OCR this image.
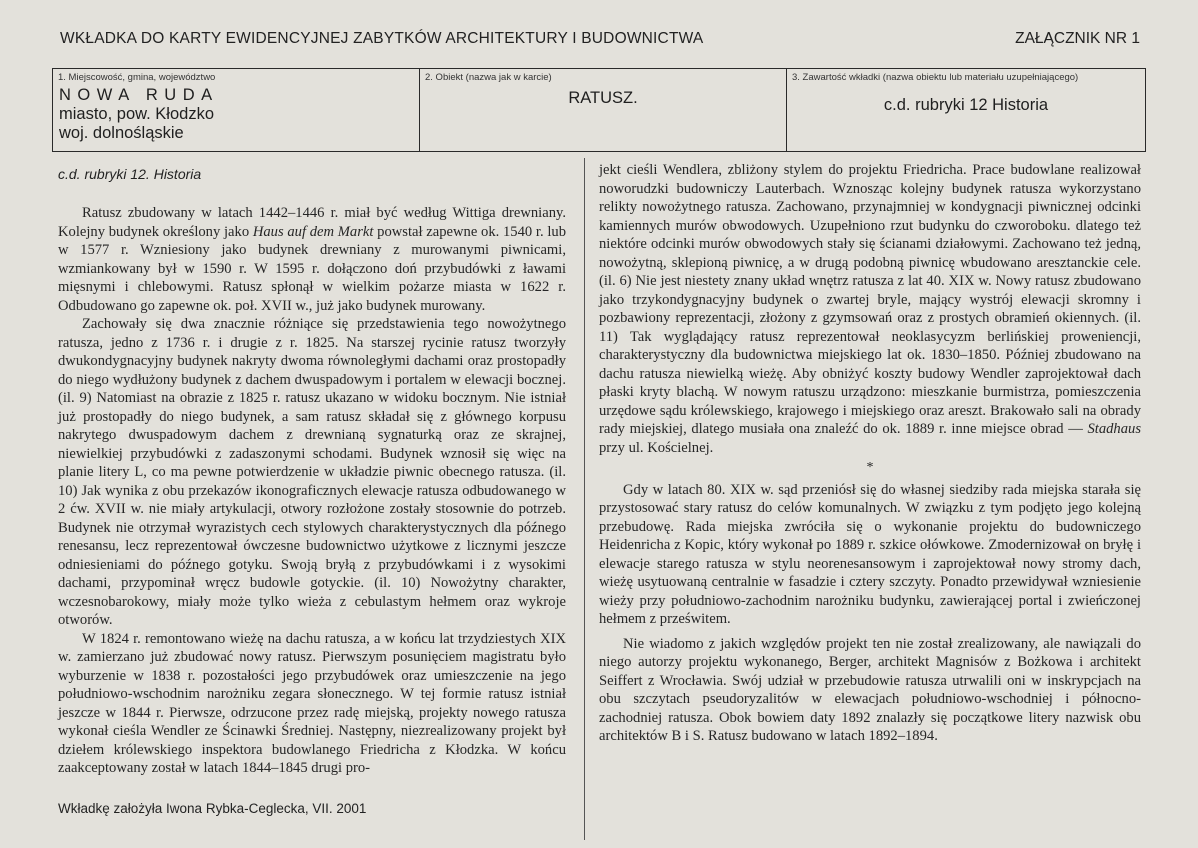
WKŁADKA DO KARTY EWIDENCYJNEJ ZABYTKÓW ARCHITEKTURY I BUDOWNICTWA	ZAŁĄCZNIK NR 1
1. Miejscowość, gmina, województwo
NOWA RUDA
miasto, pow. Kłodzko
woj. dolnośląskie
2. Obiekt (nazwa jak w karcie)
RATUSZ.
3. Zawartość wkładki (nazwa obiektu lub materiału uzupełniającego)
c.d. rubryki 12 Historia
c.d. rubryki 12. Historia

Ratusz zbudowany w latach 1442–1446 r. miał być według Wittiga drewniany. Kolejny budynek określony jako Haus auf dem Markt powstał zapewne ok. 1540 r. lub w 1577 r. Wzniesiony jako budynek drewniany z murowanymi piwnicami, wzmiankowany był w 1590 r. W 1595 r. dołączono doń przybudówki z ławami mięsnymi i chlebowymi. Ratusz spłonął w wielkim pożarze miasta w 1622 r. Odbudowano go zapewne ok. poł. XVII w., już jako budynek murowany.

Zachowały się dwa znacznie różniące się przedstawienia tego nowożytnego ratusza, jedno z 1736 r. i drugie z r. 1825. Na starszej rycinie ratusz tworzyły dwukondygnacyjny budynek nakryty dwoma równoległymi dachami oraz prostopadły do niego wydłużony budynek z dachem dwuspadowym i portalem w elewacji bocznej. (il. 9) Natomiast na obrazie z 1825 r. ratusz ukazano w widoku bocznym. Nie istniał już prostopadły do niego budynek, a sam ratusz składał się z głównego korpusu nakrytego dwuspadowym dachem z drewnianą sygnaturką oraz ze skrajnej, niewielkiej przybudówki z zadaszonymi schodami. Budynek wznosił się więc na planie litery L, co ma pewne potwierdzenie w układzie piwnic obecnego ratusza. (il. 10) Jak wynika z obu przekazów ikonograficznych elewacje ratusza odbudowanego w 2 ćw. XVII w. nie miały artykulacji, otwory rozłożone zostały stosownie do potrzeb. Budynek nie otrzymał wyrazistych cech stylowych charakterystycznych dla późnego renesansu, lecz reprezentował ówczesne budownictwo użytkowe z licznymi jeszcze odniesieniami do późnego gotyku. Swoją bryłą z przybudówkami i z wysokimi dachami, przypominał wręcz budowle gotyckie. (il. 10) Nowożytny charakter, wczesnobarokowy, miały może tylko wieża z cebulastym hełmem oraz wykroje otworów.

W 1824 r. remontowano wieżę na dachu ratusza, a w końcu lat trzydziestych XIX w. zamierzano już zbudować nowy ratusz. Pierwszym posunięciem magistratu było wyburzenie w 1838 r. pozostałości jego przybudówek oraz umieszczenie na jego południowo-wschodnim narożniku zegara słonecznego. W tej formie ratusz istniał jeszcze w 1844 r. Pierwsze, odrzucone przez radę miejską, projekty nowego ratusza wykonał cieśla Wendler ze Ścinawki Średniej. Następny, niezrealizowany projekt był dziełem królewskiego inspektora budowlanego Friedricha z Kłodzka. W końcu zaakceptowany został w latach 1844–1845 drugi pro-

jekt cieśli Wendlera, zbliżony stylem do projektu Friedricha. Prace budowlane realizował noworudzki budowniczy Lauterbach. Wznosząc kolejny budynek ratusza wykorzystano relikty nowożytnego ratusza. Zachowano, przynajmniej w kondygnacji piwnicznej odcinki kamiennych murów obwodowych. Uzupełniono rzut budynku do czworoboku. dlatego też niektóre odcinki murów obwodowych stały się ścianami działowymi. Zachowano też jedną, nowożytną, sklepioną piwnicę, a w drugą podobną piwnicę wbudowano aresztanckie cele. (il. 6) Nie jest niestety znany układ wnętrz ratusza z lat 40. XIX w. Nowy ratusz zbudowano jako trzykondygnacyjny budynek o zwartej bryle, mający wystrój elewacji skromny i pozbawiony reprezentacji, złożony z gzymsowań oraz z prostych obramień okiennych. (il. 11) Tak wyglądający ratusz reprezentował neoklasycyzm berlińskiej proweniencji, charakterystyczny dla budownictwa miejskiego lat ok. 1830–1850. Później zbudowano na dachu ratusza niewielką wieżę. Aby obniżyć koszty budowy Wendler zaprojektował dach płaski kryty blachą. W nowym ratuszu urządzono: mieszkanie burmistrza, pomieszczenia urzędowe sądu królewskiego, krajowego i miejskiego oraz areszt. Brakowało sali na obrady rady miejskiej, dlatego musiała ona znaleźć do ok. 1889 r. inne miejsce obrad — Stadhaus przy ul. Kościelnej.

*

Gdy w latach 80. XIX w. sąd przeniósł się do własnej siedziby rada miejska starała się przystosować stary ratusz do celów komunalnych. W związku z tym podjęto jego kolejną przebudowę. Rada miejska zwróciła się o wykonanie projektu do budowniczego Heidenricha z Kopic, który wykonał po 1889 r. szkice ołówkowe. Zmodernizował on bryłę i elewacje starego ratusza w stylu neorenesansowym i zaprojektował nowy stromy dach, wieżę usytuowaną centralnie w fasadzie i cztery szczyty. Ponadto przewidywał wzniesienie wieży przy południowo-zachodnim narożniku budynku, zawierającej portal i zwieńczonej hełmem z prześwitem.

Nie wiadomo z jakich względów projekt ten nie został zrealizowany, ale nawiązali do niego autorzy projektu wykonanego, Berger, architekt Magnisów z Bożkowa i architekt Seiffert z Wrocławia. Swój udział w przebudowie ratusza utrwalili oni w inskrypcjach na obu szczytach pseudoryzalitów w elewacjach południowo-wschodniej i północno-zachodniej ratusza. Obok bowiem daty 1892 znalazły się początkowe litery nazwisk obu architektów B i S. Ratusz budowano w latach 1892–1894.

Wkładkę założyła Iwona Rybka-Ceglecka, VII. 2001
